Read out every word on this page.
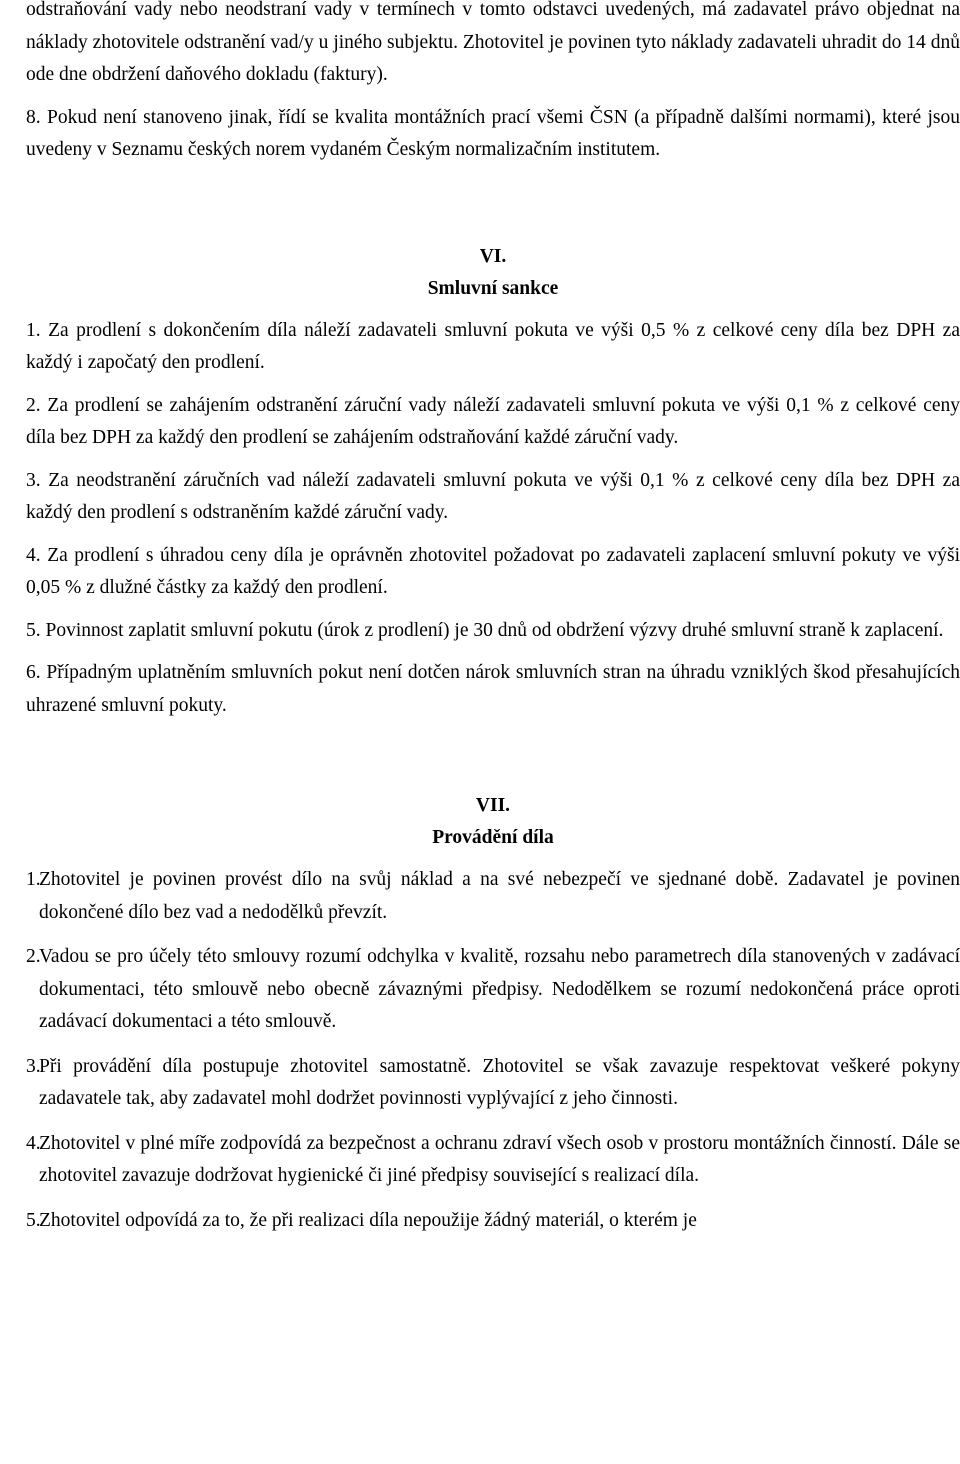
odstraňování vady nebo neodstraní vady v termínech v tomto odstavci uvedených, má zadavatel právo objednat na náklady zhotovitele odstranění vad/y u jiného subjektu. Zhotovitel je povinen tyto náklady zadavateli uhradit do 14 dnů ode dne obdržení daňového dokladu (faktury).

8. Pokud není stanoveno jinak, řídí se kvalita montážních prací všemi ČSN (a případně dalšími normami), které jsou uvedeny v Seznamu českých norem vydaném Českým normalizačním institutem.

VI.

Smluvní sankce

1. Za prodlení s dokončením díla náleží zadavateli smluvní pokuta ve výši 0,5 % z celkové ceny díla bez DPH za každý i započatý den prodlení.

2. Za prodlení se zahájením odstranění záruční vady náleží zadavateli smluvní pokuta ve výši 0,1 % z celkové ceny díla bez DPH za každý den prodlení se zahájením odstraňování každé záruční vady.

3. Za neodstranění záručních vad náleží zadavateli smluvní pokuta ve výši 0,1 % z celkové ceny díla bez DPH za každý den prodlení s odstraněním každé záruční vady.

4. Za prodlení s úhradou ceny díla je oprávněn zhotovitel požadovat po zadavateli zaplacení smluvní pokuty ve výši 0,05 % z dlužné částky za každý den prodlení.

5. Povinnost zaplatit smluvní pokutu (úrok z prodlení) je 30 dnů od obdržení výzvy druhé smluvní straně k zaplacení.

6. Případným uplatněním smluvních pokut není dotčen nárok smluvních stran na úhradu vzniklých škod přesahujících uhrazené smluvní pokuty.

VII.

Provádění díla

1.
Zhotovitel je povinen provést dílo na svůj náklad a na své nebezpečí ve sjednané době. Zadavatel je povinen dokončené dílo bez vad a nedodělků převzít.
2.
Vadou se pro účely této smlouvy rozumí odchylka v kvalitě, rozsahu nebo parametrech díla stanovených v zadávací dokumentaci, této smlouvě nebo obecně závaznými předpisy. Nedodělkem se rozumí nedokončená práce oproti zadávací dokumentaci a této smlouvě.
3.
Při provádění díla postupuje zhotovitel samostatně. Zhotovitel se však zavazuje respektovat veškeré pokyny zadavatele tak, aby zadavatel mohl dodržet povinnosti vyplývající z jeho činnosti.
4.
Zhotovitel v plné míře zodpovídá za bezpečnost a ochranu zdraví všech osob v prostoru montážních činností. Dále se zhotovitel zavazuje dodržovat hygienické či jiné předpisy související s realizací díla.
5.
Zhotovitel odpovídá za to, že při realizaci díla nepoužije žádný materiál, o kterém je
